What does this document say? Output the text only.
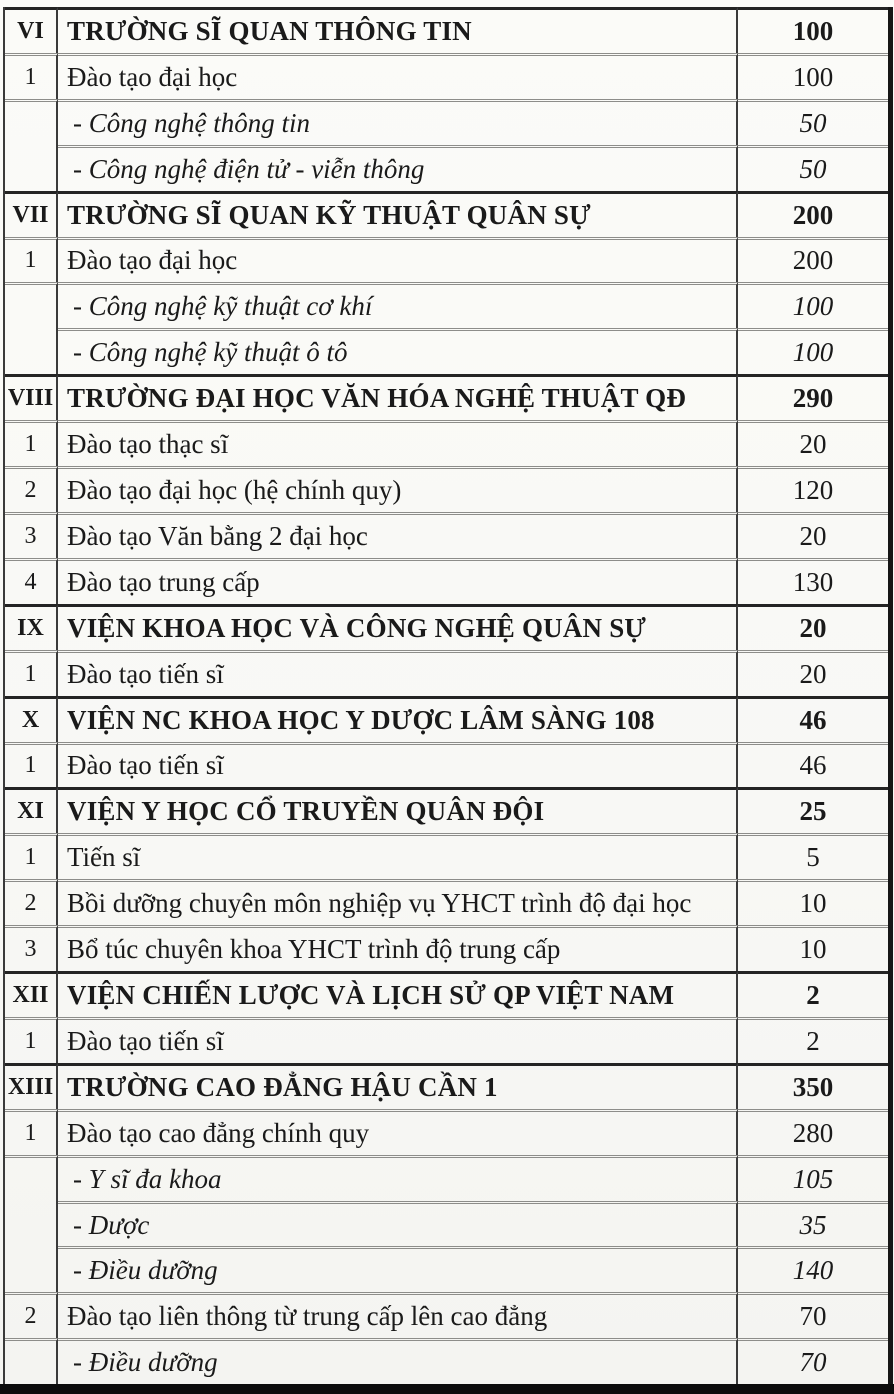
VI TRƯỜNG SĨ QUAN THÔNG TIN	100
1	Đào tạo đại học	100
- Công nghệ thông tin	50
- Công nghệ điện tử - viễn thông	50
VII TRƯỜNG SĨ QUAN KỸ THUẬT QUÂN SỰ	200
1	Đào tạo đại học	200
- Công nghệ kỹ thuật cơ khí	100
- Công nghệ kỹ thuật ô tô	100
VIII TRƯỜNG ĐẠI HỌC VĂN HÓA NGHỆ THUẬT QĐ	290
1	Đào tạo thạc sĩ	20
2	Đào tạo đại học (hệ chính quy)	120
3	Đào tạo Văn bằng 2 đại học	20
4	Đào tạo trung cấp	130
IX VIỆN KHOA HỌC VÀ CÔNG NGHỆ QUÂN SỰ	20
1	Đào tạo tiến sĩ	20
X	VIỆN NC KHOA HỌC Y DƯỢC LÂM SÀNG 108	46
1	Đào tạo tiến sĩ	46
XI VIỆN Y HỌC CỔ TRUYỀN QUÂN ĐỘI	25
1	Tiến sĩ	5
2	Bồi dưỡng chuyên môn nghiệp vụ YHCT trình độ đại học	10
3	Bổ túc chuyên khoa YHCT trình độ trung cấp	10
XII VIỆN CHIẾN LƯỢC VÀ LỊCH SỬ QP VIỆT NAM	2
1	Đào tạo tiến sĩ	2
XIII TRƯỜNG CAO ĐẲNG HẬU CẦN 1	350
1	Đào tạo cao đẳng chính quy	280
- Y sĩ đa khoa	105
- Dược	35
- Điều dưỡng	140
2	Đào tạo liên thông từ trung cấp lên cao đẳng	70
- Điều dưỡng	70
